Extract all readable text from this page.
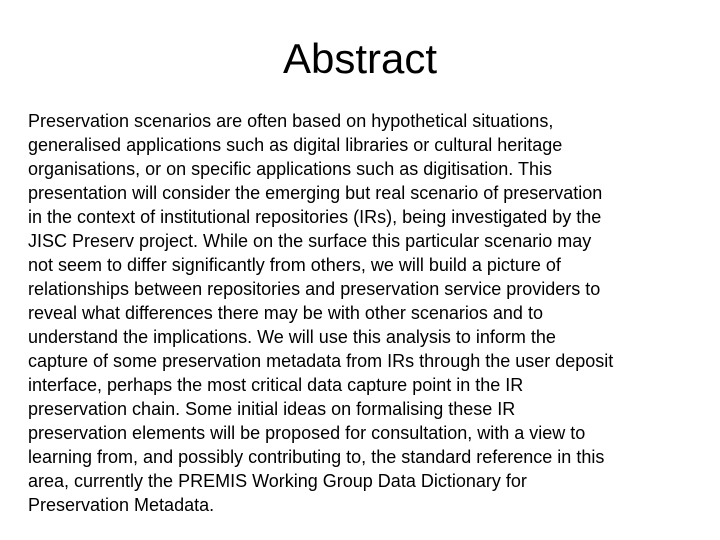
Abstract
Preservation scenarios are often based on hypothetical situations,
generalised applications such as digital libraries or cultural heritage
organisations, or on specific applications such as digitisation. This
presentation will consider the emerging but real scenario of preservation
in the context of institutional repositories (IRs), being investigated by the
JISC Preserv project. While on the surface this particular scenario may
not seem to differ significantly from others, we will build a picture of
relationships between repositories and preservation service providers to
reveal what differences there may be with other scenarios and to
understand the implications. We will use this analysis to inform the
capture of some preservation metadata from IRs through the user deposit
interface, perhaps the most critical data capture point in the IR
preservation chain. Some initial ideas on formalising these IR
preservation elements will be proposed for consultation, with a view to
learning from, and possibly contributing to, the standard reference in this
area, currently the PREMIS Working Group Data Dictionary for
Preservation Metadata.
